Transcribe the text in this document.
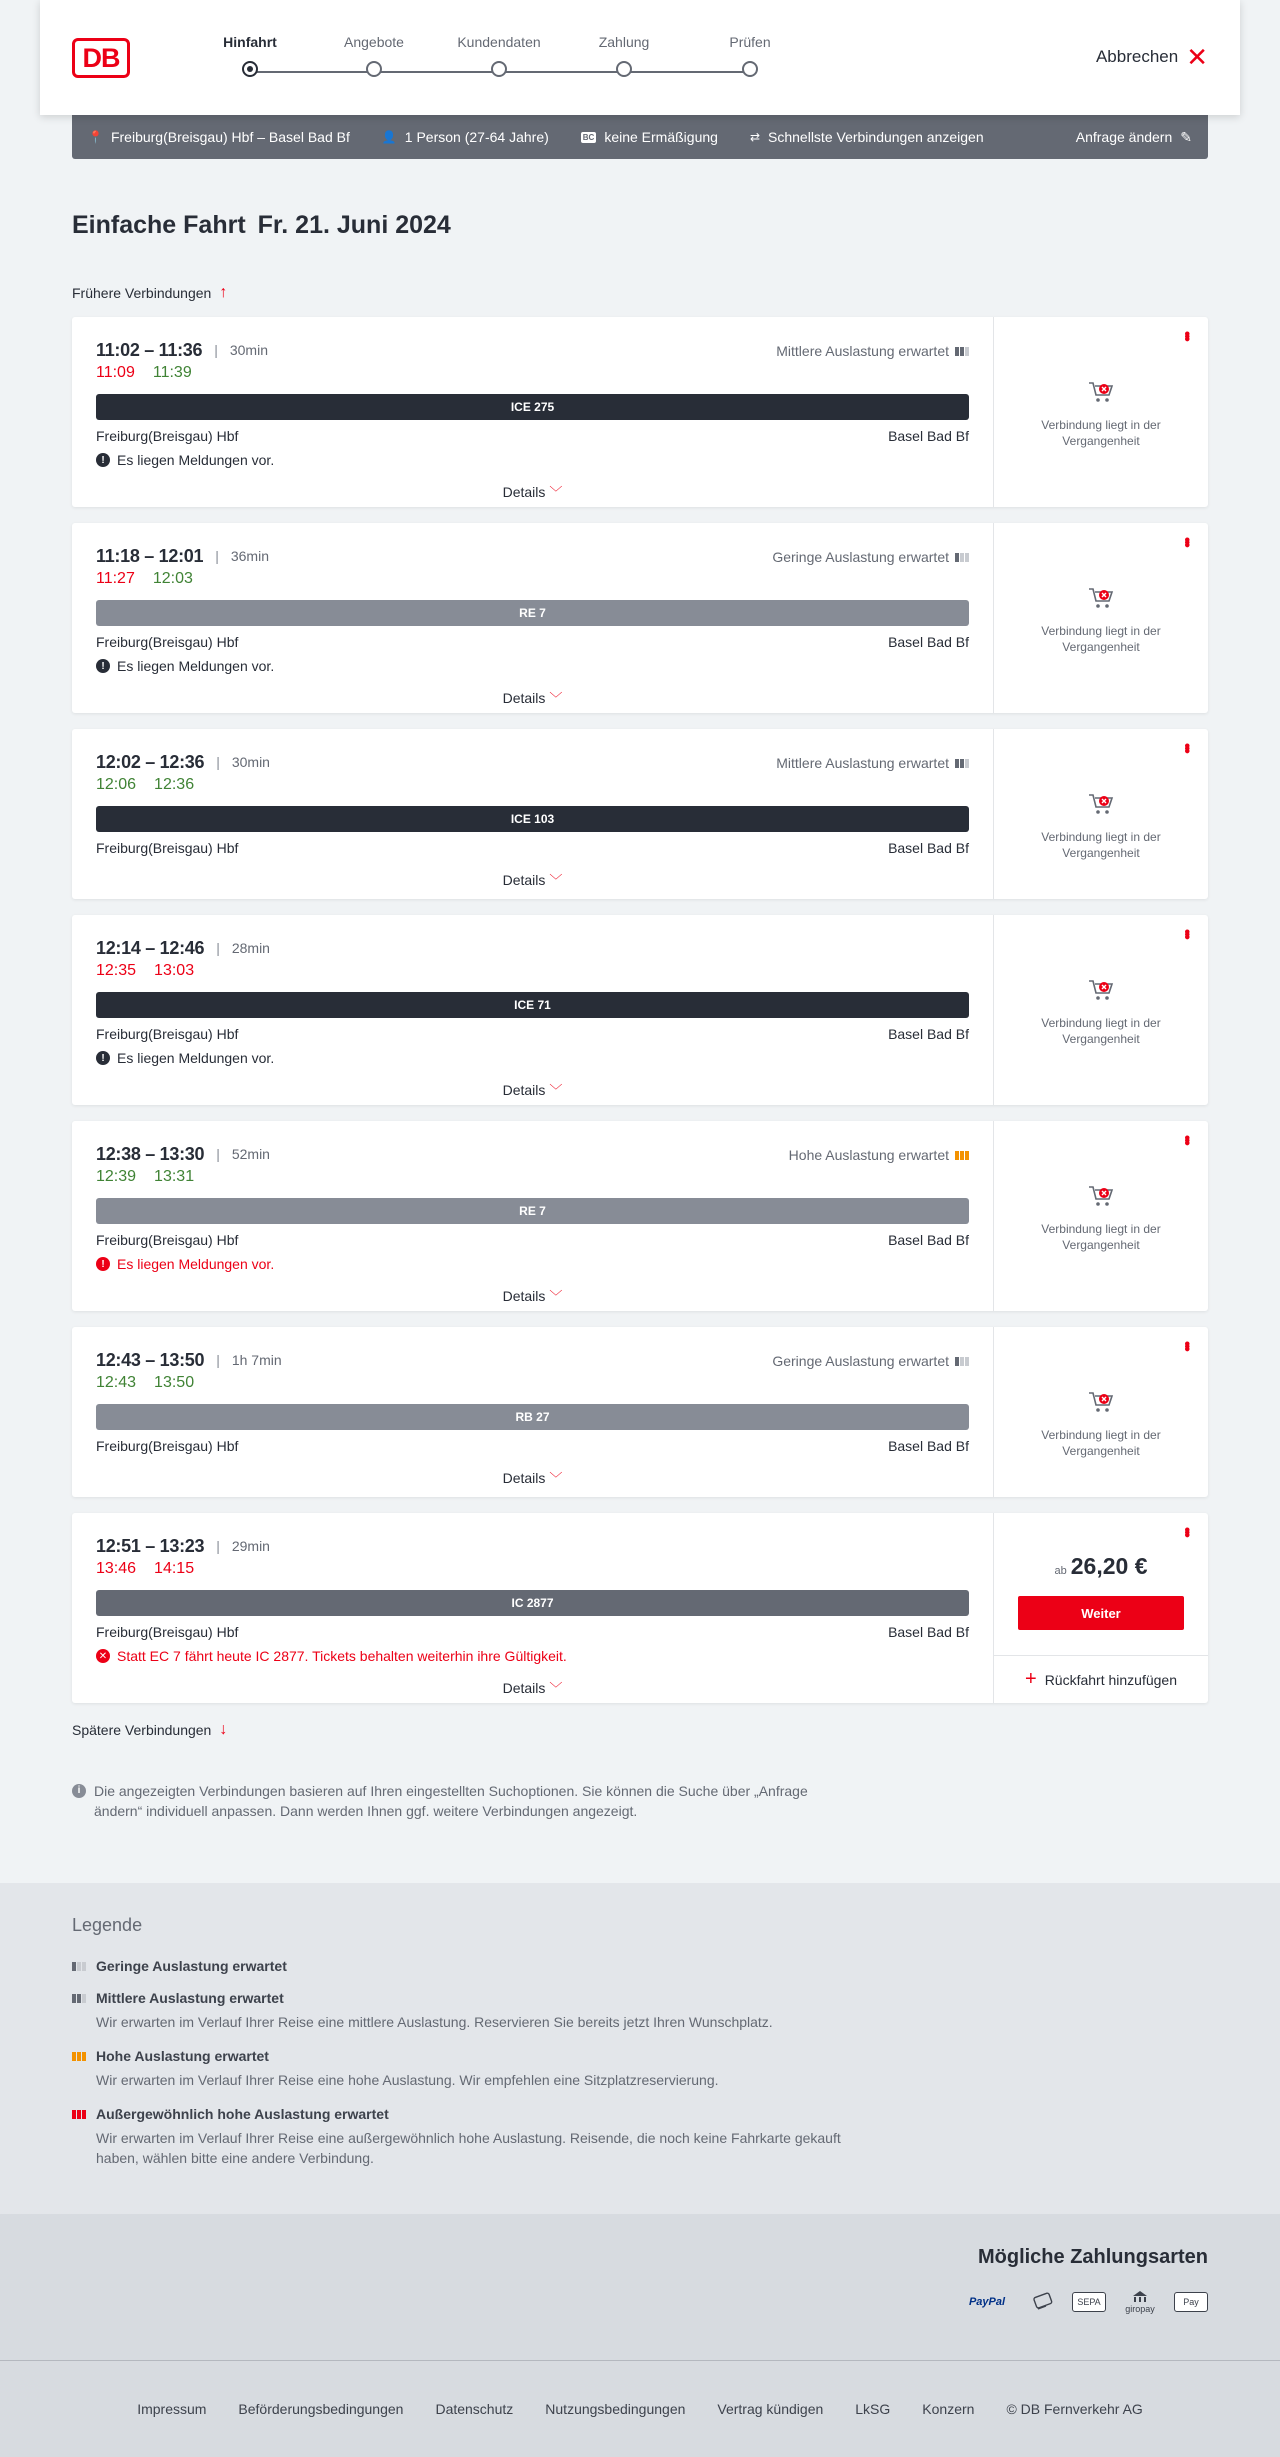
DB
Hinfahrt	Angebote	Kundendaten	Zahlung	Prüfen
Abbrechen ✕
📍 Freiburg(Breisgau) Hbf – Basel Bad Bf	👤 1 Person (27-64 Jahre)	BC keine Ermäßigung	⇄ Schnellste Verbindungen anzeigen	Anfrage ändern ✎
Einfache Fahrt Fr. 21. Juni 2024
Frühere Verbindungen ↑
11:02 – 11:36 | 30min	Mittlere Auslastung erwartet
11:09 11:39
ICE 275
Freiburg(Breisgau) Hbf	Basel Bad Bf
! Es liegen Meldungen vor.
Details ﹀
•••
Verbindung liegt in der Vergangenheit
11:18 – 12:01 | 36min	Geringe Auslastung erwartet
11:27 12:03
RE 7
Freiburg(Breisgau) Hbf	Basel Bad Bf
! Es liegen Meldungen vor.
Details ﹀
•••
Verbindung liegt in der Vergangenheit
12:02 – 12:36 | 30min	Mittlere Auslastung erwartet
12:06 12:36
ICE 103
Freiburg(Breisgau) Hbf	Basel Bad Bf
Details ﹀
•••
Verbindung liegt in der Vergangenheit
12:14 – 12:46 | 28min
12:35 13:03
ICE 71
Freiburg(Breisgau) Hbf	Basel Bad Bf
! Es liegen Meldungen vor.
Details ﹀
•••
Verbindung liegt in der Vergangenheit
12:38 – 13:30 | 52min	Hohe Auslastung erwartet
12:39 13:31
RE 7
Freiburg(Breisgau) Hbf	Basel Bad Bf
! Es liegen Meldungen vor.
Details ﹀
•••
Verbindung liegt in der Vergangenheit
12:43 – 13:50 | 1h 7min	Geringe Auslastung erwartet
12:43 13:50
RB 27
Freiburg(Breisgau) Hbf	Basel Bad Bf
Details ﹀
•••
Verbindung liegt in der Vergangenheit
12:51 – 13:23 | 29min
13:46 14:15
IC 2877
Freiburg(Breisgau) Hbf	Basel Bad Bf
✕ Statt EC 7 fährt heute IC 2877. Tickets behalten weiterhin ihre Gültigkeit.
Details ﹀
•••
ab 26,20 €
Weiter
+ Rückfahrt hinzufügen
Spätere Verbindungen ↓
i Die angezeigten Verbindungen basieren auf Ihren eingestellten Suchoptionen. Sie können die Suche über „Anfrage ändern“ individuell anpassen. Dann werden Ihnen ggf. weitere Verbindungen angezeigt.
Legende
Geringe Auslastung erwartet
Mittlere Auslastung erwartet
Wir erwarten im Verlauf Ihrer Reise eine mittlere Auslastung. Reservieren Sie bereits jetzt Ihren Wunschplatz.
Hohe Auslastung erwartet
Wir erwarten im Verlauf Ihrer Reise eine hohe Auslastung. Wir empfehlen eine Sitzplatzreservierung.
Außergewöhnlich hohe Auslastung erwartet
Wir erwarten im Verlauf Ihrer Reise eine außergewöhnlich hohe Auslastung. Reisende, die noch keine Fahrkarte gekauft haben, wählen bitte eine andere Verbindung.
Mögliche Zahlungsarten
PayPal	SEPA
giropay
Pay
Impressum Beförderungsbedingungen Datenschutz Nutzungsbedingungen Vertrag kündigen LkSG Konzern © DB Fernverkehr AG
